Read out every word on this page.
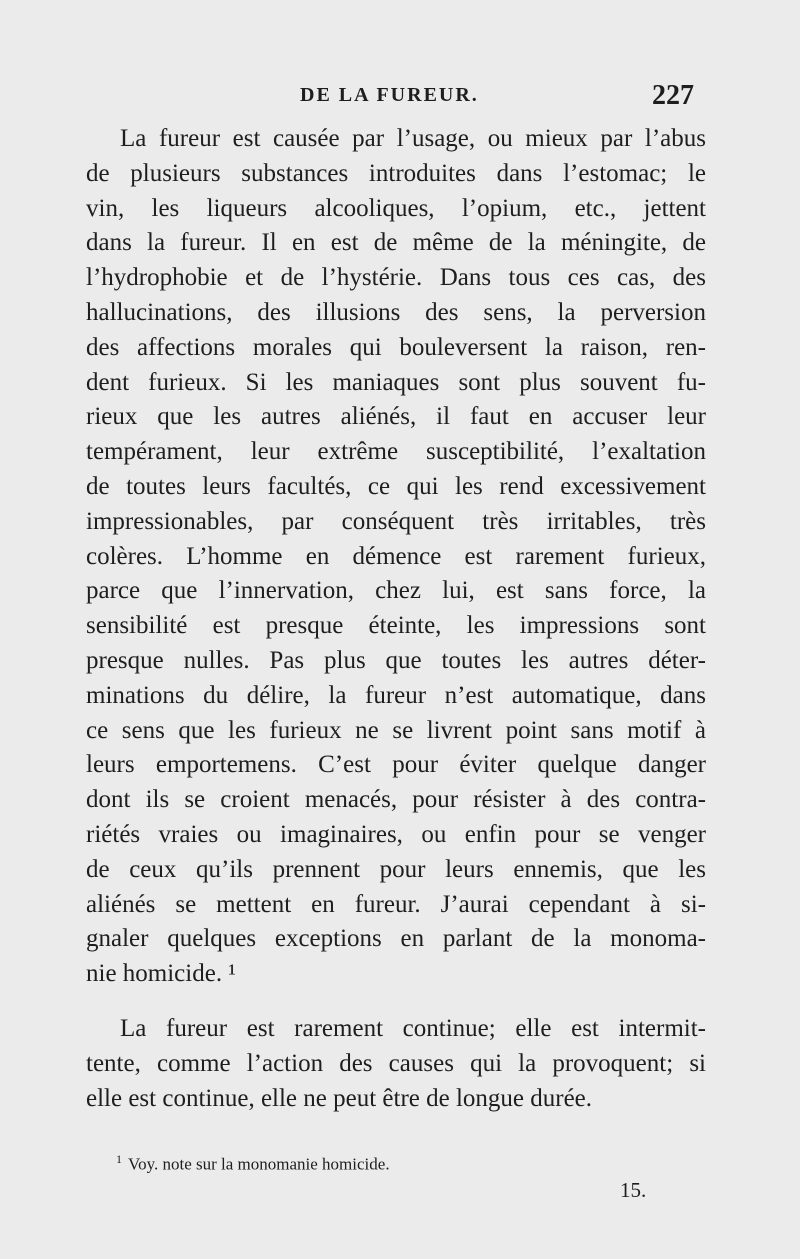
DE LA FUREUR.	227
La fureur est causée par l’usage, ou mieux par l’abus
de plusieurs substances introduites dans l’estomac; le
vin, les liqueurs alcooliques, l’opium, etc., jettent
dans la fureur. Il en est de même de la méningite, de
l’hydrophobie et de l’hystérie. Dans tous ces cas, des
hallucinations, des illusions des sens, la perversion
des affections morales qui bouleversent la raison, ren-
dent furieux. Si les maniaques sont plus souvent fu-
rieux que les autres aliénés, il faut en accuser leur
tempérament, leur extrême susceptibilité, l’exaltation
de toutes leurs facultés, ce qui les rend excessivement
impressionables, par conséquent très irritables, très
colères. L’homme en démence est rarement furieux,
parce que l’innervation, chez lui, est sans force, la
sensibilité est presque éteinte, les impressions sont
presque nulles. Pas plus que toutes les autres déter-
minations du délire, la fureur n’est automatique, dans
ce sens que les furieux ne se livrent point sans motif à
leurs emportemens. C’est pour éviter quelque danger
dont ils se croient menacés, pour résister à des contra-
riétés vraies ou imaginaires, ou enfin pour se venger
de ceux qu’ils prennent pour leurs ennemis, que les
aliénés se mettent en fureur. J’aurai cependant à si-
gnaler quelques exceptions en parlant de la monoma-
nie homicide. ¹
La fureur est rarement continue; elle est intermit-
tente, comme l’action des causes qui la provoquent; si
elle est continue, elle ne peut être de longue durée.
$^1$ Voy. note sur la monomanie homicide.
15.
